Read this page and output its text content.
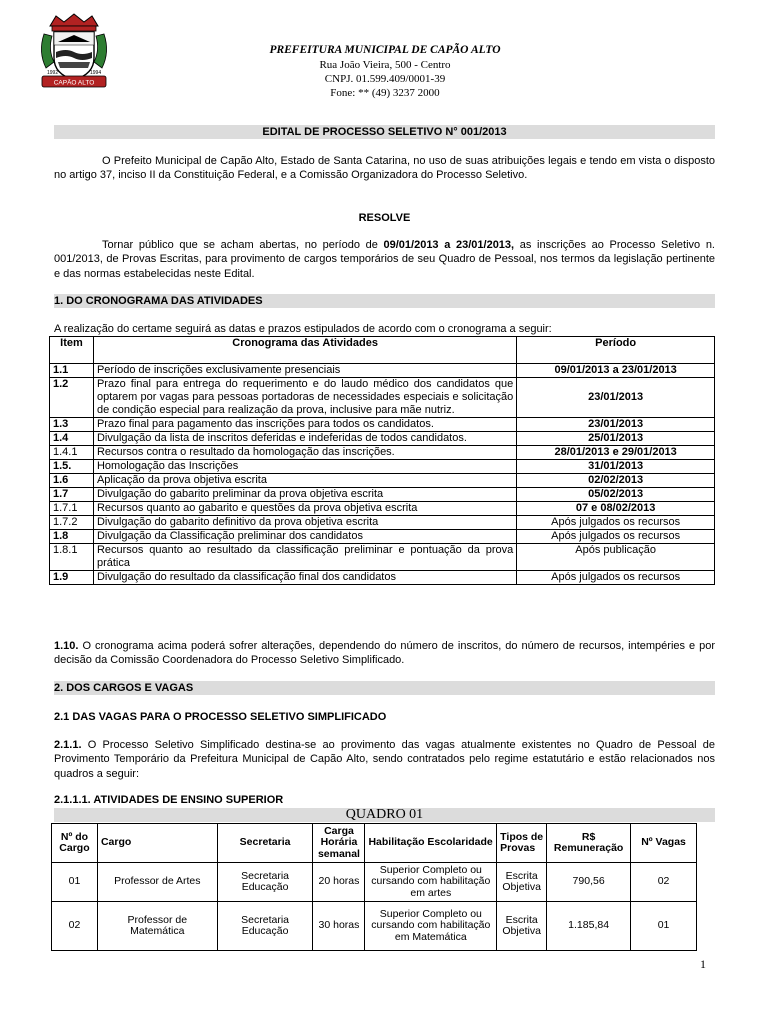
CAPÃO ALTO
1992	1994
PREFEITURA MUNICIPAL DE CAPÃO ALTO
Rua João Vieira, 500 - Centro
CNPJ. 01.599.409/0001-39
Fone: ** (49) 3237 2000
EDITAL DE PROCESSO SELETIVO N° 001/2013
O Prefeito Municipal de Capão Alto, Estado de Santa Catarina, no uso de suas atribuições legais e tendo em vista o disposto no artigo 37, inciso II da Constituição Federal, e a Comissão Organizadora do Processo Seletivo.
RESOLVE
Tornar público que se acham abertas, no período de 09/01/2013 a 23/01/2013, as inscrições ao Processo Seletivo n. 001/2013, de Provas Escritas, para provimento de cargos temporários de seu Quadro de Pessoal, nos termos da legislação pertinente e das normas estabelecidas neste Edital.
1. DO CRONOGRAMA DAS ATIVIDADES
A realização do certame seguirá as datas e prazos estipulados de acordo com o cronograma a seguir:
Item	Cronograma das Atividades	Período
1.1	Período de inscrições exclusivamente presenciais	09/01/2013 a 23/01/2013
1.2	Prazo final para entrega do requerimento e do laudo médico dos candidatos que optarem por vagas para pessoas portadoras de necessidades especiais e solicitação de condição especial para realização da prova, inclusive para mãe nutriz.	23/01/2013
1.3	Prazo final para pagamento das inscrições para todos os candidatos.	23/01/2013
1.4	Divulgação da lista de inscritos deferidas e indeferidas de todos candidatos.	25/01/2013
1.4.1	Recursos contra o resultado da homologação das inscrições.	28/01/2013 e 29/01/2013
1.5.	Homologação das Inscrições	31/01/2013
1.6	Aplicação da prova objetiva escrita	02/02/2013
1.7	Divulgação do gabarito preliminar da prova objetiva escrita	05/02/2013
1.7.1	Recursos quanto ao gabarito e questões da prova objetiva escrita	07 e 08/02/2013
1.7.2	Divulgação do gabarito definitivo da prova objetiva escrita	Após julgados os recursos
1.8	Divulgação da Classificação preliminar dos candidatos	Após julgados os recursos
1.8.1	Recursos quanto ao resultado da classificação preliminar e pontuação da prova prática	Após publicação
1.9	Divulgação do resultado da classificação final dos candidatos	Após julgados os recursos
1.10. O cronograma acima poderá sofrer alterações, dependendo do número de inscritos, do número de recursos, intempéries e por decisão da Comissão Coordenadora do Processo Seletivo Simplificado.
2. DOS CARGOS E VAGAS
2.1 DAS VAGAS PARA O PROCESSO SELETIVO SIMPLIFICADO
2.1.1. O Processo Seletivo Simplificado destina-se ao provimento das vagas atualmente existentes no Quadro de Pessoal de Provimento Temporário da Prefeitura Municipal de Capão Alto, sendo contratados pelo regime estatutário e estão relacionados nos quadros a seguir:
2.1.1.1. ATIVIDADES DE ENSINO SUPERIOR
QUADRO 01
Nº do Cargo	Cargo	Secretaria	Carga Horária semanal	Habilitação Escolaridade	Tipos de Provas	R$ Remuneração	Nº Vagas
01	Professor de Artes	Secretaria Educação	20 horas	Superior Completo ou cursando com habilitação em artes	Escrita Objetiva	790,56	02
02	Professor de Matemática	Secretaria Educação	30 horas	Superior Completo ou cursando com habilitação em Matemática	Escrita Objetiva	1.185,84	01
1
